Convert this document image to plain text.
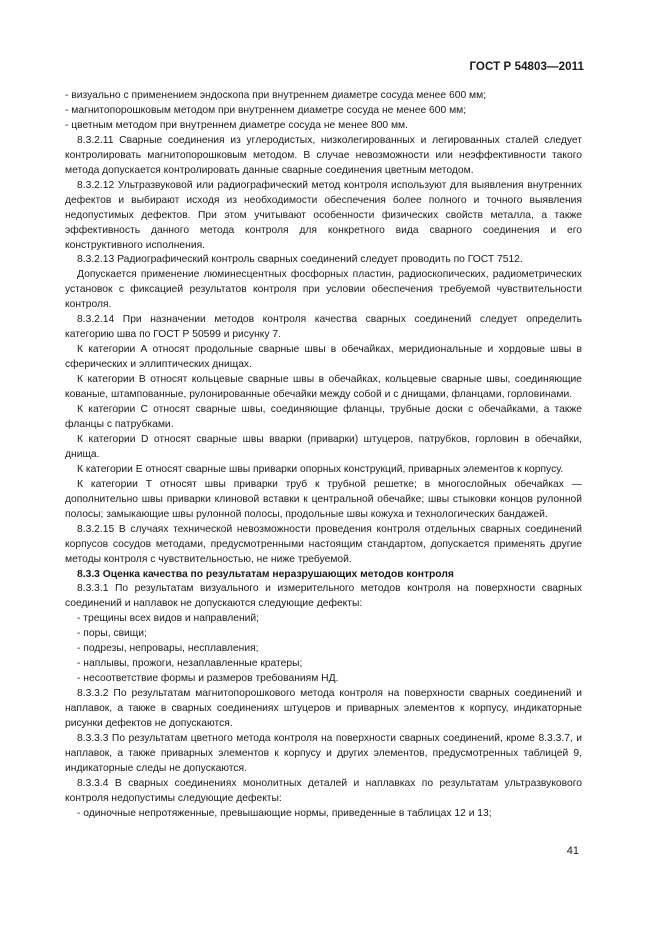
ГОСТ Р 54803—2011

- визуально с применением эндоскопа при внутреннем диаметре сосуда менее 600 мм;

- магнитопорошковым методом при внутреннем диаметре сосуда не менее 600 мм;

- цветным методом при внутреннем диаметре сосуда не менее 800 мм.

8.3.2.11 Сварные соединения из углеродистых, низколегированных и легированных сталей следует контролировать магнитопорошковым методом. В случае невозможности или неэффективности такого метода допускается контролировать данные сварные соединения цветным методом.

8.3.2.12 Ультразвуковой или радиографический метод контроля используют для выявления внутренних дефектов и выбирают исходя из необходимости обеспечения более полного и точного выявления недопустимых дефектов. При этом учитывают особенности физических свойств металла, а также эффективность данного метода контроля для конкретного вида сварного соединения и его конструктивного исполнения.

8.3.2.13 Радиографический контроль сварных соединений следует проводить по ГОСТ 7512.

Допускается применение люминесцентных фосфорных пластин, радиоскопических, радиометрических установок с фиксацией результатов контроля при условии обеспечения требуемой чувствительности контроля.

8.3.2.14 При назначении методов контроля качества сварных соединений следует определить категорию шва по ГОСТ Р 50599 и рисунку 7.

К категории А относят продольные сварные швы в обечайках, меридиональные и хордовые швы в сферических и эллиптических днищах.

К категории В относят кольцевые сварные швы в обечайках, кольцевые сварные швы, соединяющие кованые, штампованные, рулонированные обечайки между собой и с днищами, фланцами, горловинами.

К категории С относят сварные швы, соединяющие фланцы, трубные доски с обечайками, а также фланцы с патрубками.

К категории D относят сварные швы вварки (приварки) штуцеров, патрубков, горловин в обечайки, днища.

К категории Е относят сварные швы приварки опорных конструкций, приварных элементов к корпусу.

К категории Т относят швы приварки труб к трубной решетке; в многослойных обечайках — дополнительно швы приварки клиновой вставки к центральной обечайке; швы стыковки концов рулонной полосы; замыкающие швы рулонной полосы, продольные швы кожуха и технологических бандажей.

8.3.2.15 В случаях технической невозможности проведения контроля отдельных сварных соединений корпусов сосудов методами, предусмотренными настоящим стандартом, допускается применять другие методы контроля с чувствительностью, не ниже требуемой.

8.3.3 Оценка качества по результатам неразрушающих методов контроля

8.3.3.1 По результатам визуального и измерительного методов контроля на поверхности сварных соединений и наплавок не допускаются следующие дефекты:

- трещины всех видов и направлений;

- поры, свищи;

- подрезы, непровары, несплавления;

- наплывы, прожоги, незаплавленные кратеры;

- несоответствие формы и размеров требованиям НД.

8.3.3.2 По результатам магнитопорошкового метода контроля на поверхности сварных соединений и наплавок, а также в сварных соединениях штуцеров и приварных элементов к корпусу, индикаторные рисунки дефектов не допускаются.

8.3.3.3 По результатам цветного метода контроля на поверхности сварных соединений, кроме 8.3.3.7, и наплавок, а также приварных элементов к корпусу и других элементов, предусмотренных таблицей 9, индикаторные следы не допускаются.

8.3.3.4 В сварных соединениях монолитных деталей и наплавках по результатам ультразвукового контроля недопустимы следующие дефекты:

- одиночные непротяженные, превышающие нормы, приведенные в таблицах 12 и 13;

41
